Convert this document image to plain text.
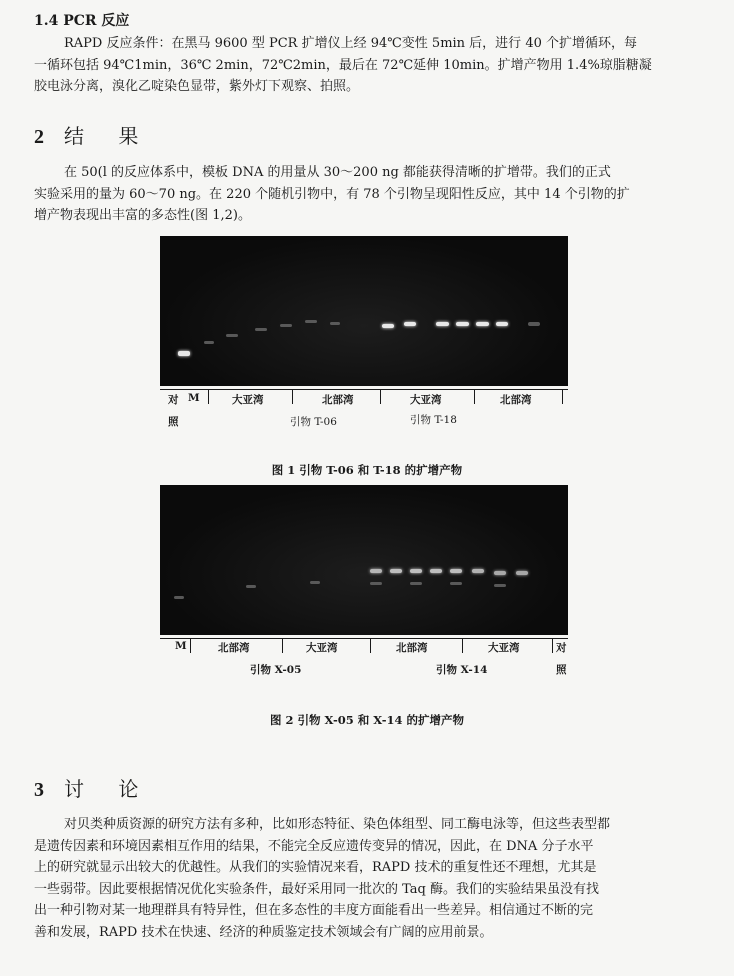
1.4 PCR 反应
RAPD 反应条件：在黑马 9600 型 PCR 扩增仪上经 94℃变性 5min 后，进行 40 个扩增循环，每
一循环包括 94℃1min，36℃ 2min，72℃2min，最后在 72℃延伸 10min。扩增产物用 1.4%琼脂糖凝
胶电泳分离，溴化乙啶染色显带，紫外灯下观察、拍照。
2 结 果
在 50(l 的反应体系中，模板 DNA 的用量从 30～200 ng 都能获得清晰的扩增带。我们的正式
实验采用的量为 60～70 ng。在 220 个随机引物中，有 78 个引物呈现阳性反应，其中 14 个引物的扩
增产物表现出丰富的多态性(图 1,2)。
对 M	大亚湾	北部湾	大亚湾	北部湾
照	引物 T-06	引物 T-18
图 1 引物 T-06 和 T-18 的扩增产物
M	北部湾	大亚湾	北部湾	大亚湾	对
照
引物 X-05	引物 X-14
图 2 引物 X-05 和 X-14 的扩增产物
3 讨 论
对贝类种质资源的研究方法有多种，比如形态特征、染色体组型、同工酶电泳等，但这些表型都
是遗传因素和环境因素相互作用的结果，不能完全反应遗传变异的情况，因此，在 DNA 分子水平
上的研究就显示出较大的优越性。从我们的实验情况来看，RAPD 技术的重复性还不理想，尤其是
一些弱带。因此要根据情况优化实验条件，最好采用同一批次的 Taq 酶。我们的实验结果虽没有找
出一种引物对某一地理群具有特异性，但在多态性的丰度方面能看出一些差异。相信通过不断的完
善和发展，RAPD 技术在快速、经济的种质鉴定技术领域会有广阔的应用前景。
